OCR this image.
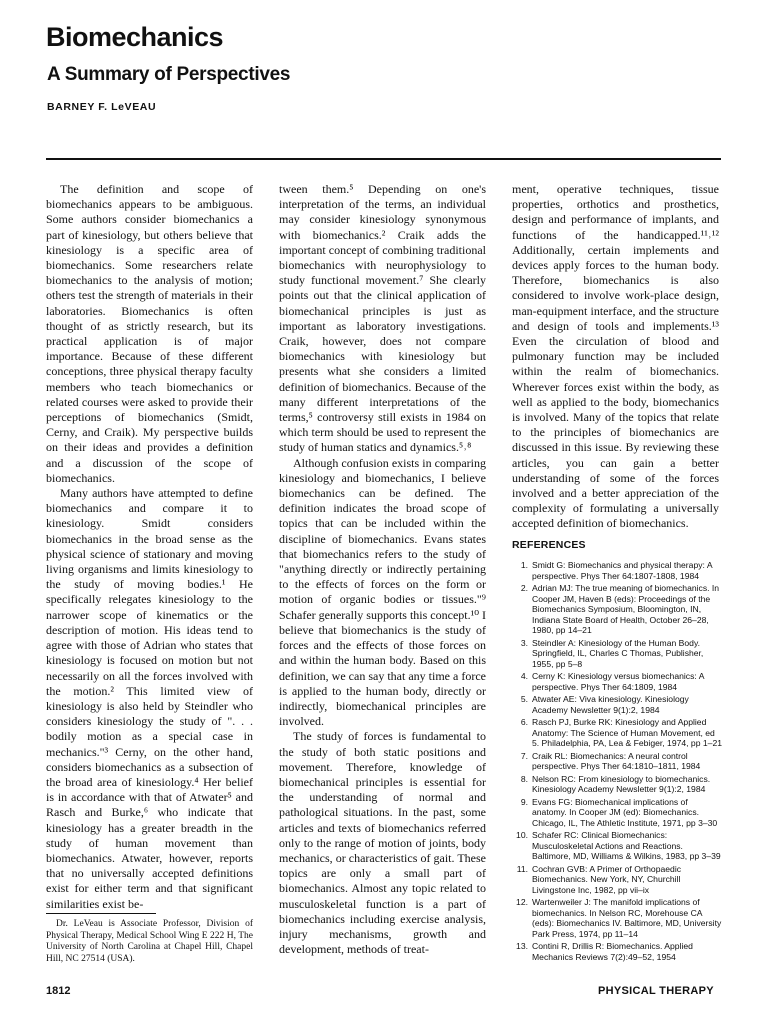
Biomechanics
A Summary of Perspectives
BARNEY F. LeVEAU

The definition and scope of biomechanics appears to be ambiguous. Some authors consider biomechanics a part of kinesiology, but others believe that kinesiology is a specific area of biomechanics. Some researchers relate biomechanics to the analysis of motion; others test the strength of materials in their laboratories. Biomechanics is often thought of as strictly research, but its practical application is of major importance. Because of these different conceptions, three physical therapy faculty members who teach biomechanics or related courses were asked to provide their perceptions of biomechanics (Smidt, Cerny, and Craik). My perspective builds on their ideas and provides a definition and a discussion of the scope of biomechanics.

Many authors have attempted to define biomechanics and compare it to kinesiology. Smidt considers biomechanics in the broad sense as the physical science of stationary and moving living organisms and limits kinesiology to the study of moving bodies.¹ He specifically relegates kinesiology to the narrower scope of kinematics or the description of motion. His ideas tend to agree with those of Adrian who states that kinesiology is focused on motion but not necessarily on all the forces involved with the motion.² This limited view of kinesiology is also held by Steindler who considers kinesiology the study of ". . . bodily motion as a special case in mechanics."³ Cerny, on the other hand, considers biomechanics as a subsection of the broad area of kinesiology.⁴ Her belief is in accordance with that of Atwater⁵ and Rasch and Burke,⁶ who indicate that kinesiology has a greater breadth in the study of human movement than biomechanics. Atwater, however, reports that no universally accepted definitions exist for either term and that significant similarities exist be-

tween them.⁵ Depending on one's interpretation of the terms, an individual may consider kinesiology synonymous with biomechanics.² Craik adds the important concept of combining traditional biomechanics with neurophysiology to study functional movement.⁷ She clearly points out that the clinical application of biomechanical principles is just as important as laboratory investigations. Craik, however, does not compare biomechanics with kinesiology but presents what she considers a limited definition of biomechanics. Because of the many different interpretations of the terms,⁵ controversy still exists in 1984 on which term should be used to represent the study of human statics and dynamics.⁵˒⁸

Although confusion exists in comparing kinesiology and biomechanics, I believe biomechanics can be defined. The definition indicates the broad scope of topics that can be included within the discipline of biomechanics. Evans states that biomechanics refers to the study of "anything directly or indirectly pertaining to the effects of forces on the form or motion of organic bodies or tissues."⁹ Schafer generally supports this concept.¹⁰ I believe that biomechanics is the study of forces and the effects of those forces on and within the human body. Based on this definition, we can say that any time a force is applied to the human body, directly or indirectly, biomechanical principles are involved.

The study of forces is fundamental to the study of both static positions and movement. Therefore, knowledge of biomechanical principles is essential for the understanding of normal and pathological situations. In the past, some articles and texts of biomechanics referred only to the range of motion of joints, body mechanics, or characteristics of gait. These topics are only a small part of biomechanics. Almost any topic related to musculoskeletal function is a part of biomechanics including exercise analysis, injury mechanisms, growth and development, methods of treat-

ment, operative techniques, tissue properties, orthotics and prosthetics, design and performance of implants, and functions of the handicapped.¹¹˒¹² Additionally, certain implements and devices apply forces to the human body. Therefore, biomechanics is also considered to involve work-place design, man-equipment interface, and the structure and design of tools and implements.¹³ Even the circulation of blood and pulmonary function may be included within the realm of biomechanics. Wherever forces exist within the body, as well as applied to the body, biomechanics is involved. Many of the topics that relate to the principles of biomechanics are discussed in this issue. By reviewing these articles, you can gain a better understanding of some of the forces involved and a better appreciation of the complexity of formulating a universally accepted definition of biomechanics.

REFERENCES
1. Smidt G: Biomechanics and physical therapy: A perspective. Phys Ther 64:1807-1808, 1984
2. Adrian MJ: The true meaning of biomechanics. In Cooper JM, Haven B (eds): Proceedings of the Biomechanics Symposium, Bloomington, IN, Indiana State Board of Health, October 26–28, 1980, pp 14–21
3. Steindler A: Kinesiology of the Human Body. Springfield, IL, Charles C Thomas, Publisher, 1955, pp 5–8
4. Cerny K: Kinesiology versus biomechanics: A perspective. Phys Ther 64:1809, 1984
5. Atwater AE: Viva kinesiology. Kinesiology Academy Newsletter 9(1):2, 1984
6. Rasch PJ, Burke RK: Kinesiology and Applied Anatomy: The Science of Human Movement, ed 5. Philadelphia, PA, Lea & Febiger, 1974, pp 1–21
7. Craik RL: Biomechanics: A neural control perspective. Phys Ther 64:1810–1811, 1984
8. Nelson RC: From kinesiology to biomechanics. Kinesiology Academy Newsletter 9(1):2, 1984
9. Evans FG: Biomechanical implications of anatomy. In Cooper JM (ed): Biomechanics. Chicago, IL, The Athletic Institute, 1971, pp 3–30
10. Schafer RC: Clinical Biomechanics: Musculoskeletal Actions and Reactions. Baltimore, MD, Williams & Wilkins, 1983, pp 3–39
11. Cochran GVB: A Primer of Orthopaedic Biomechanics. New York, NY, Churchill Livingstone Inc, 1982, pp vii–ix
12. Wartenweiler J: The manifold implications of biomechanics. In Nelson RC, Morehouse CA (eds): Biomechanics IV. Baltimore, MD, University Park Press, 1974, pp 11–14
13. Contini R, Drillis R: Biomechanics. Applied Mechanics Reviews 7(2):49–52, 1954

Dr. LeVeau is Associate Professor, Division of Physical Therapy, Medical School Wing E 222 H, The University of North Carolina at Chapel Hill, Chapel Hill, NC 27514 (USA).

1812	PHYSICAL THERAPY
